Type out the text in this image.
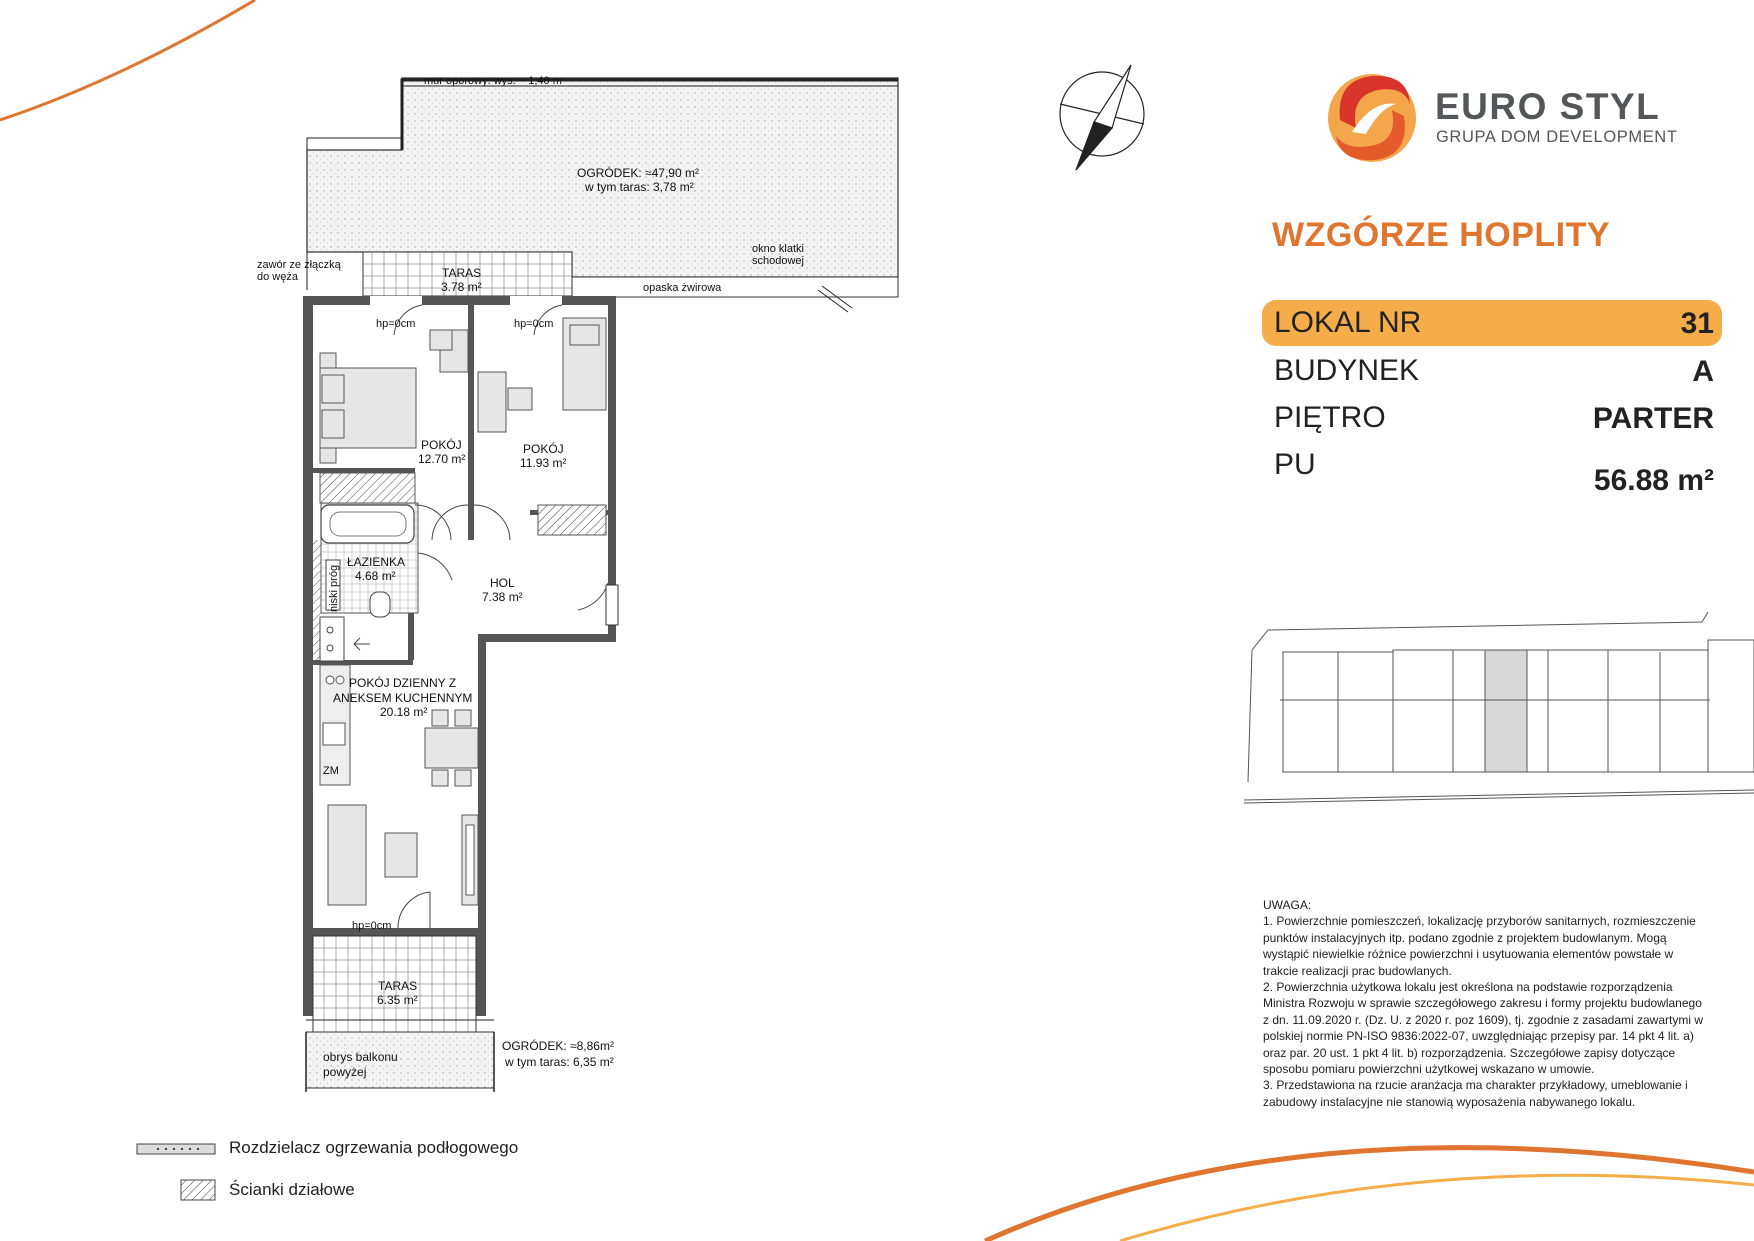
mur oporowy: wys. ~ 1,40 m
OGRÓDEK: ≈47,90 m²
w tym taras: 3,78 m²
zawór ze złączką
do węża	TARAS
3.78 m²
okno klatki
schodowej
opaska żwirowa
hp=0cm	hp=0cm
POKÓJ
12.70 m²
POKÓJ
11.93 m²
ŁAZIENKA
4.68 m²
niski próg	HOL
7.38 m²
POKÓJ DZIENNY Z
ANEKSEM KUCHENNYM
20.18 m²
ZM
hp=0cm
TARAS
6.35 m²
obrys balkonu
powyżej
OGRÓDEK: ≈8,86m²
w tym taras: 6,35 m²
EURO STYL
GRUPA DOM DEVELOPMENT
WZGÓRZE HOPLITY
LOKAL NR	31
BUDYNEK	A
PIĘTRO	PARTER
PU	56.88 m²

UWAGA:

1. Powierzchnie pomieszczeń, lokalizację przyborów sanitarnych, rozmieszczenie punktów instalacyjnych itp. podano zgodnie z projektem budowlanym. Mogą wystąpić niewielkie różnice powierzchni i usytuowania elementów powstałe w trakcie realizacji prac budowlanych.

2. Powierzchnia użytkowa lokalu jest określona na podstawie rozporządzenia Ministra Rozwoju w sprawie szczegółowego zakresu i formy projektu budowlanego z dn. 11.09.2020 r. (Dz. U. z 2020 r. poz 1609), tj. zgodnie z zasadami zawartymi w polskiej normie PN-ISO 9836:2022-07, uwzględniając przepisy par. 14 pkt 4 lit. a) oraz par. 20 ust. 1 pkt 4 lit. b) rozporządzenia. Szczegółowe zapisy dotyczące sposobu pomiaru powierzchni użytkowej wskazano w umowie.

3. Przedstawiona na rzucie aranżacja ma charakter przykładowy, umeblowanie i zabudowy instalacyjne nie stanowią wyposażenia nabywanego lokalu.

Rozdzielacz ogrzewania podłogowego
Ścianki działowe
